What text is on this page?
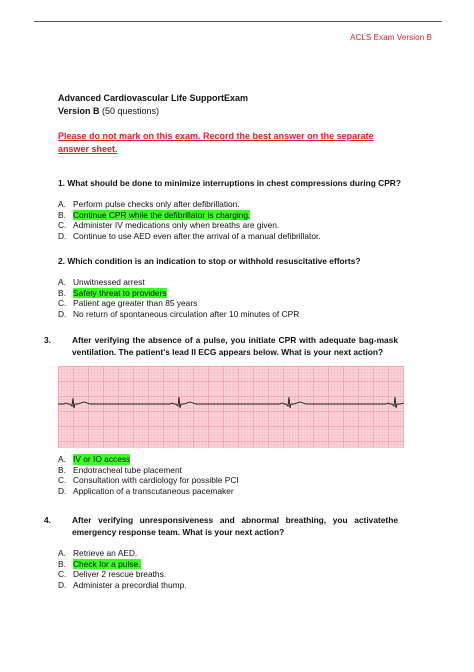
ACLS Exam Version B
Advanced Cardiovascular Life SupportExam
Version B (50 questions)
Please do not mark on this exam. Record the best answer on the separate answer sheet.
1. What should be done to minimize interruptions in chest compressions during CPR?
A. Perform pulse checks only after defibrillation.
B. Continue CPR while the defibrillator is charging.
C. Administer IV medications only when breaths are given.
D. Continue to use AED even after the arrival of a manual defibrillator.
2. Which condition is an indication to stop or withhold resuscitative efforts?
A. Unwitnessed arrest
B. Safety threat to providers
C. Patient age greater than 85 years
D. No return of spontaneous circulation after 10 minutes of CPR
3.	After verifying the absence of a pulse, you initiate CPR with adequate bag-mask ventilation. The patient's lead II ECG appears below. What is your next action?
A. IV or IO access
B. Endotracheal tube placement
C. Consultation with cardiology for possible PCI
D. Application of a transcutaneous pacemaker
4.	After verifying unresponsiveness and abnormal breathing, you activatethe emergency response team. What is your next action?
A. Retrieve an AED.
B. Check for a pulse.
C. Deliver 2 rescue breaths.
D. Administer a precordial thump.
